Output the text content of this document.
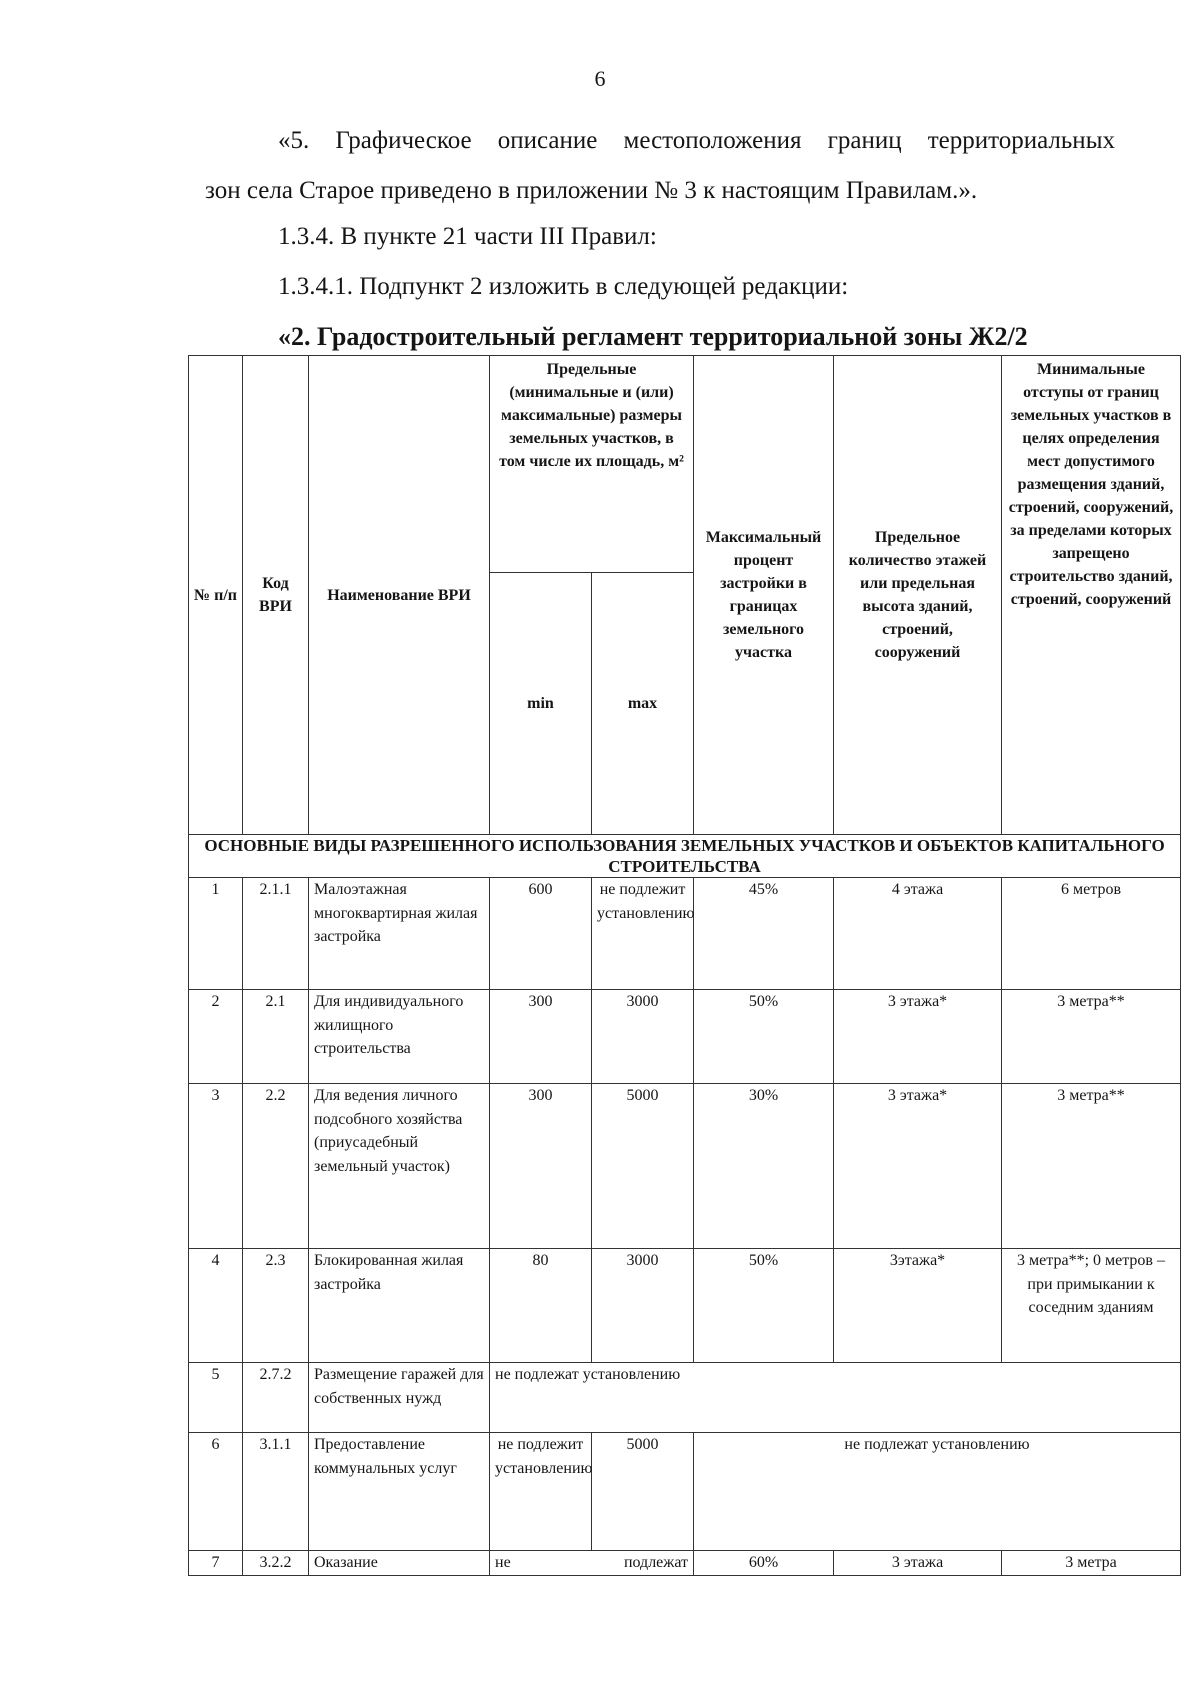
6
«5. Графическое описание местоположения границ территориальных
зон села Старое приведено в приложении № 3 к настоящим Правилам.».
1.3.4. В пункте 21 части III Правил:
1.3.4.1. Подпункт 2 изложить в следующей редакции:
«2. Градостроительный регламент территориальной зоны Ж2/2
№ п/п	Код ВРИ	Наименование ВРИ	Предельные (минимальные и (или) максимальные) размеры земельных участков, в том числе их площадь, м²		Максимальный процент застройки в границах земельного участка	Предельное количество этажей или предельная высота зданий, строений, сооружений	Минимальные отступы от границ земельных участков в целях определения мест допустимого размещения зданий, строений, сооружений, за пределами которых запрещено строительство зданий, строений, сооружений
			min	max			
ОСНОВНЫЕ ВИДЫ РАЗРЕШЕННОГО ИСПОЛЬЗОВАНИЯ ЗЕМЕЛЬНЫХ УЧАСТКОВ И ОБЪЕКТОВ КАПИТАЛЬНОГО СТРОИТЕЛЬСТВА							
1	2.1.1	Малоэтажная многоквартирная жилая застройка	600	не подлежит установлению	45%	4 этажа	6 метров
2	2.1	Для индивидуального жилищного строительства	300	3000	50%	3 этажа*	3 метра**
3	2.2	Для ведения личного подсобного хозяйства (приусадебный земельный участок)	300	5000	30%	3 этажа*	3 метра**
4	2.3	Блокированная жилая застройка	80	3000	50%	3этажа*	3 метра**; 0 метров – при примыкании к соседним зданиям
5	2.7.2	Размещение гаражей для собственных нужд	не подлежат установлению				
6	3.1.1	Предоставление коммунальных услуг	не подлежит установлению	5000	не подлежат установлению		
7	3.2.2	Оказание	не подлежат		60%	3 этажа	3 метра
